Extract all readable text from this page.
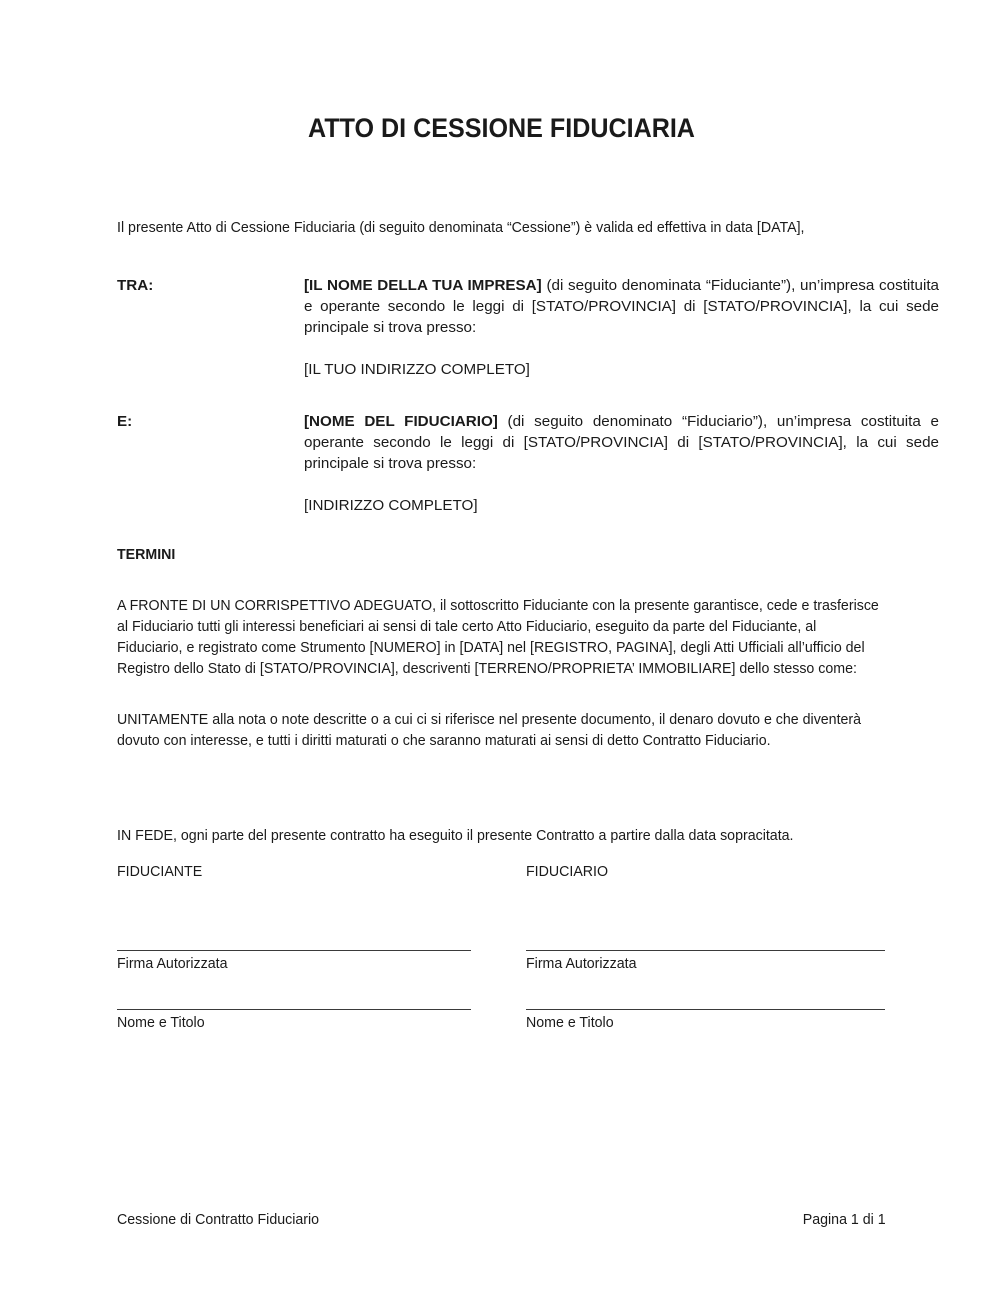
ATTO DI CESSIONE FIDUCIARIA

Il presente Atto di Cessione Fiduciaria (di seguito denominata “Cessione”) è valida ed effettiva in data [DATA],

TRA:	[IL NOME DELLA TUA IMPRESA] (di seguito denominata “Fiduciante”), un’impresa costituita e operante secondo le leggi di [STATO/PROVINCIA] di [STATO/PROVINCIA], la cui sede principale si trova presso:
[IL TUO INDIRIZZO COMPLETO]
E:	[NOME DEL FIDUCIARIO] (di seguito denominato “Fiduciario”), un’impresa costituita e operante secondo le leggi di [STATO/PROVINCIA] di [STATO/PROVINCIA], la cui sede principale si trova presso:
[INDIRIZZO COMPLETO]
TERMINI

A FRONTE DI UN CORRISPETTIVO ADEGUATO, il sottoscritto Fiduciante con la presente garantisce, cede e trasferisce al Fiduciario tutti gli interessi beneficiari ai sensi di tale certo Atto Fiduciario, eseguito da parte del Fiduciante, al Fiduciario, e registrato come Strumento [NUMERO] in [DATA] nel [REGISTRO, PAGINA], degli Atti Ufficiali all’ufficio del Registro dello Stato di [STATO/PROVINCIA], descriventi [TERRENO/PROPRIETA’ IMMOBILIARE] dello stesso come:

UNITAMENTE alla nota o note descritte o a cui ci si riferisce nel presente documento, il denaro dovuto e che diventerà dovuto con interesse, e tutti i diritti maturati o che saranno maturati ai sensi di detto Contratto Fiduciario.

IN FEDE, ogni parte del presente contratto ha eseguito il presente Contratto a partire dalla data sopracitata.

FIDUCIANTE
Firma Autorizzata
Nome e Titolo
FIDUCIARIO
Firma Autorizzata
Nome e Titolo
Cessione di Contratto Fiduciario	Pagina 1 di 1
